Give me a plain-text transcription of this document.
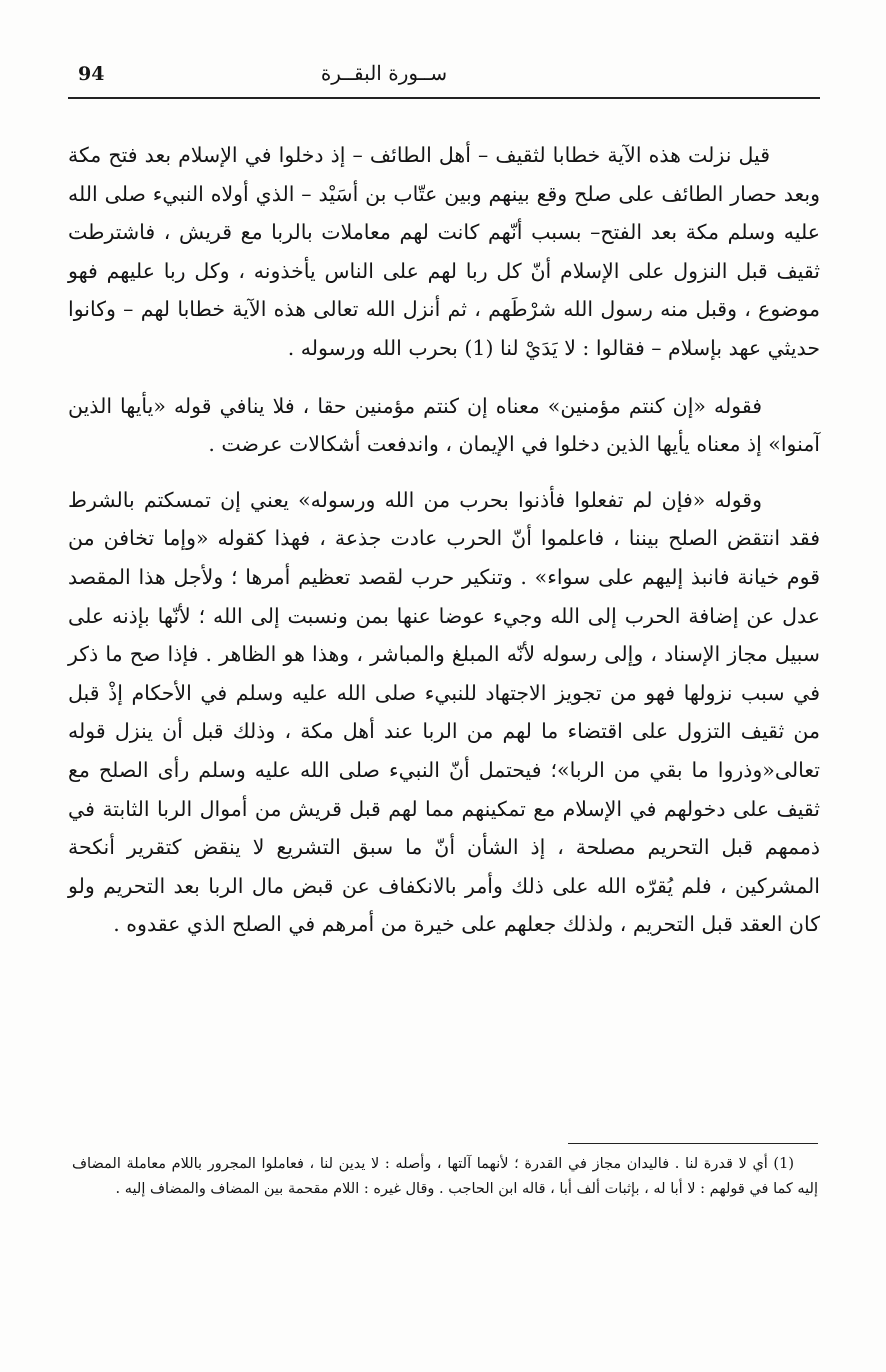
94	ســورة البقــرة

قيل نزلت هذه الآية خطابا لثقيف – أهل الطائف – إذ دخلوا في الإسلام بعد فتح مكة وبعد حصار الطائف على صلح وقع بينهم وبين عتّاب بن أسَيْد – الذي أولاه النبيء صلى الله عليه وسلم مكة بعد الفتح– بسبب أنّهم كانت لهم معاملات بالربا مع قريش ، فاشترطت ثقيف قبل النزول على الإسلام أنّ كل ربا لهم على الناس يأخذونه ، وكل ربا عليهم فهو موضوع ، وقبل منه رسول الله شرْطَهم ، ثم أنزل الله تعالى هذه الآية خطابا لهم – وكانوا حديثي عهد بإسلام – فقالوا : لا يَدَيْ لنا (1) بحرب الله ورسوله .

فقوله «إن كنتم مؤمنين» معناه إن كنتم مؤمنين حقا ، فلا ينافي قوله «يأيها الذين آمنوا» إذ معناه يأيها الذين دخلوا في الإيمان ، واندفعت أشكالات عرضت .

وقوله «فإن لم تفعلوا فأذنوا بحرب من الله ورسوله» يعني إن تمسكتم بالشرط فقد انتقض الصلح بيننا ، فاعلموا أنّ الحرب عادت جذعة ، فهذا كقوله «وإما تخافن من قوم خيانة فانبذ إليهم على سواء» . وتنكير حرب لقصد تعظيم أمرها ؛ ولأجل هذا المقصد عدل عن إضافة الحرب إلى الله وجيء عوضا عنها بمن ونسبت إلى الله ؛ لأنّها بإذنه على سبيل مجاز الإسناد ، وإلى رسوله لأنّه المبلغ والمباشر ، وهذا هو الظاهر . فإذا صح ما ذكر في سبب نزولها فهو من تجويز الاجتهاد للنبيء صلى الله عليه وسلم في الأحكام إذْ قبل من ثقيف التزول على اقتضاء ما لهم من الربا عند أهل مكة ، وذلك قبل أن ينزل قوله تعالى«وذروا ما بقي من الربا»؛ فيحتمل أنّ النبيء صلى الله عليه وسلم رأى الصلح مع ثقيف على دخولهم في الإسلام مع تمكينهم مما لهم قبل قريش من أموال الربا الثابتة في ذممهم قبل التحريم مصلحة ، إذ الشأن أنّ ما سبق التشريع لا ينقض كتقرير أنكحة المشركين ، فلم يُقرّه الله على ذلك وأمر بالانكفاف عن قبض مال الربا بعد التحريم ولو كان العقد قبل التحريم ، ولذلك جعلهم على خيرة من أمرهم في الصلح الذي عقدوه .

(1) أي لا قدرة لنا . فاليدان مجاز في القدرة ؛ لأنهما آلتها ، وأصله : لا يدين لنا ، فعاملوا المجرور باللام معاملة المضاف إليه كما في قولهم : لا أبا له ، بإثبات ألف أبا ، قاله ابن الحاجب . وقال غيره : اللام مقحمة بين المضاف والمضاف إليه .
